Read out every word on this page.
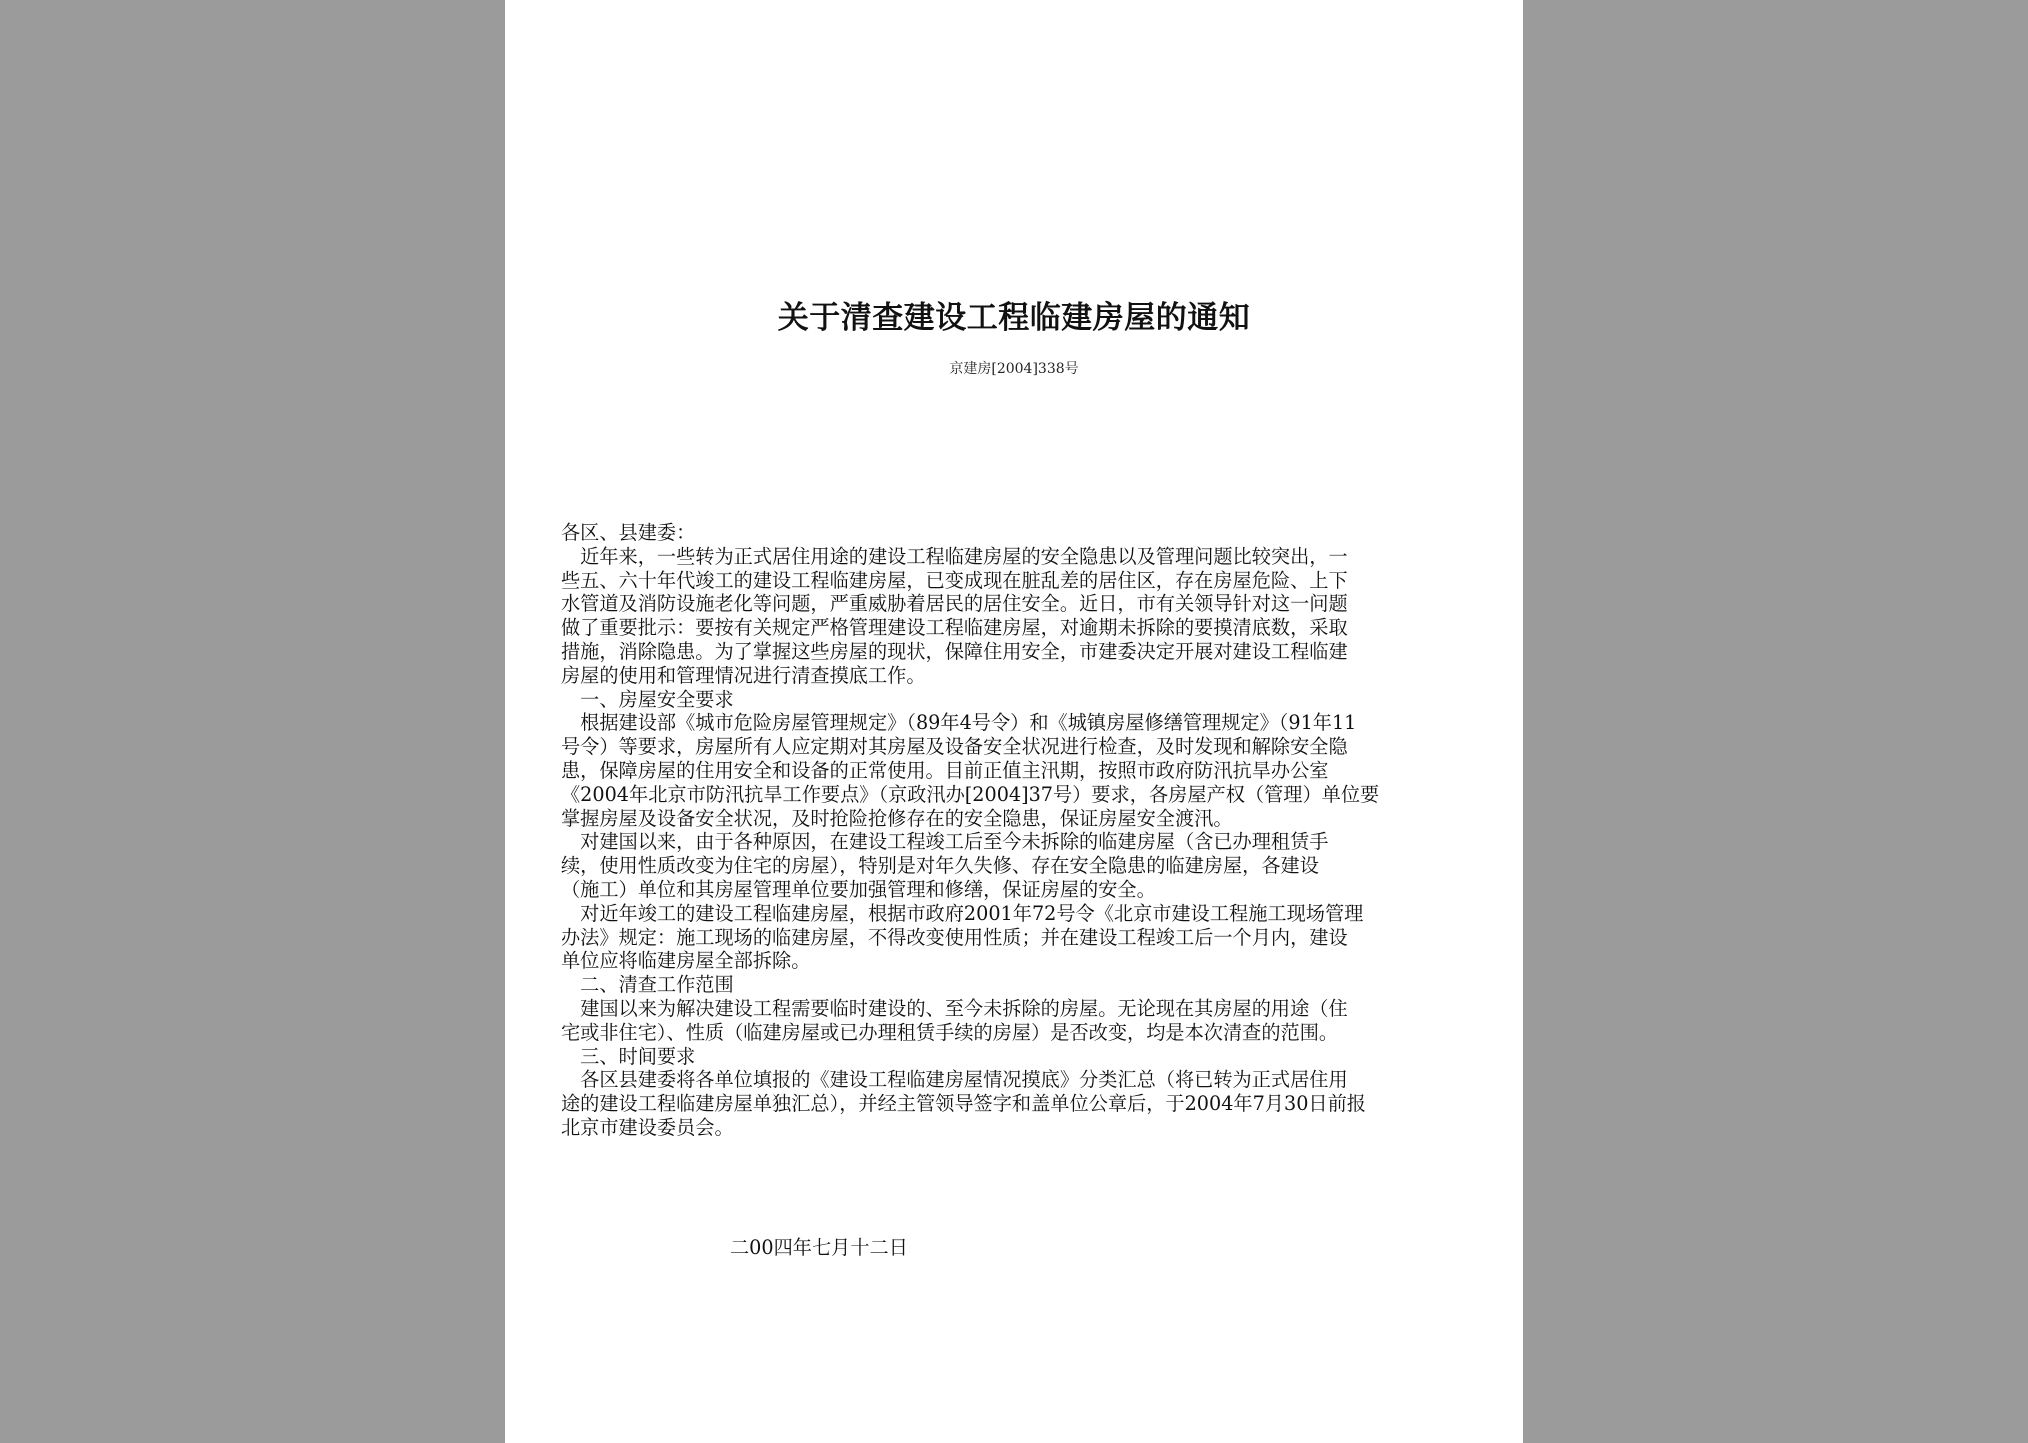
关于清查建设工程临建房屋的通知
京建房[2004]338号
各区、县建委：
　近年来，一些转为正式居住用途的建设工程临建房屋的安全隐患以及管理问题比较突出，一
些五、六十年代竣工的建设工程临建房屋，已变成现在脏乱差的居住区，存在房屋危险、上下
水管道及消防设施老化等问题，严重威胁着居民的居住安全。近日，市有关领导针对这一问题
做了重要批示：要按有关规定严格管理建设工程临建房屋，对逾期未拆除的要摸清底数，采取
措施，消除隐患。为了掌握这些房屋的现状，保障住用安全，市建委决定开展对建设工程临建
房屋的使用和管理情况进行清查摸底工作。
　一、房屋安全要求
　根据建设部《城市危险房屋管理规定》（89年4号令）和《城镇房屋修缮管理规定》（91年11
号令）等要求，房屋所有人应定期对其房屋及设备安全状况进行检查，及时发现和解除安全隐
患，保障房屋的住用安全和设备的正常使用。目前正值主汛期，按照市政府防汛抗旱办公室
《2004年北京市防汛抗旱工作要点》（京政汛办[2004]37号）要求，各房屋产权（管理）单位要
掌握房屋及设备安全状况，及时抢险抢修存在的安全隐患，保证房屋安全渡汛。
　对建国以来，由于各种原因，在建设工程竣工后至今未拆除的临建房屋（含已办理租赁手
续，使用性质改变为住宅的房屋），特别是对年久失修、存在安全隐患的临建房屋，各建设
（施工）单位和其房屋管理单位要加强管理和修缮，保证房屋的安全。
　对近年竣工的建设工程临建房屋，根据市政府2001年72号令《北京市建设工程施工现场管理
办法》规定：施工现场的临建房屋，不得改变使用性质；并在建设工程竣工后一个月内，建设
单位应将临建房屋全部拆除。
　二、清查工作范围
　建国以来为解决建设工程需要临时建设的、至今未拆除的房屋。无论现在其房屋的用途（住
宅或非住宅）、性质（临建房屋或已办理租赁手续的房屋）是否改变，均是本次清查的范围。
　三、时间要求
　各区县建委将各单位填报的《建设工程临建房屋情况摸底》分类汇总（将已转为正式居住用
途的建设工程临建房屋单独汇总），并经主管领导签字和盖单位公章后，于2004年7月30日前报
北京市建设委员会。
二00四年七月十二日
